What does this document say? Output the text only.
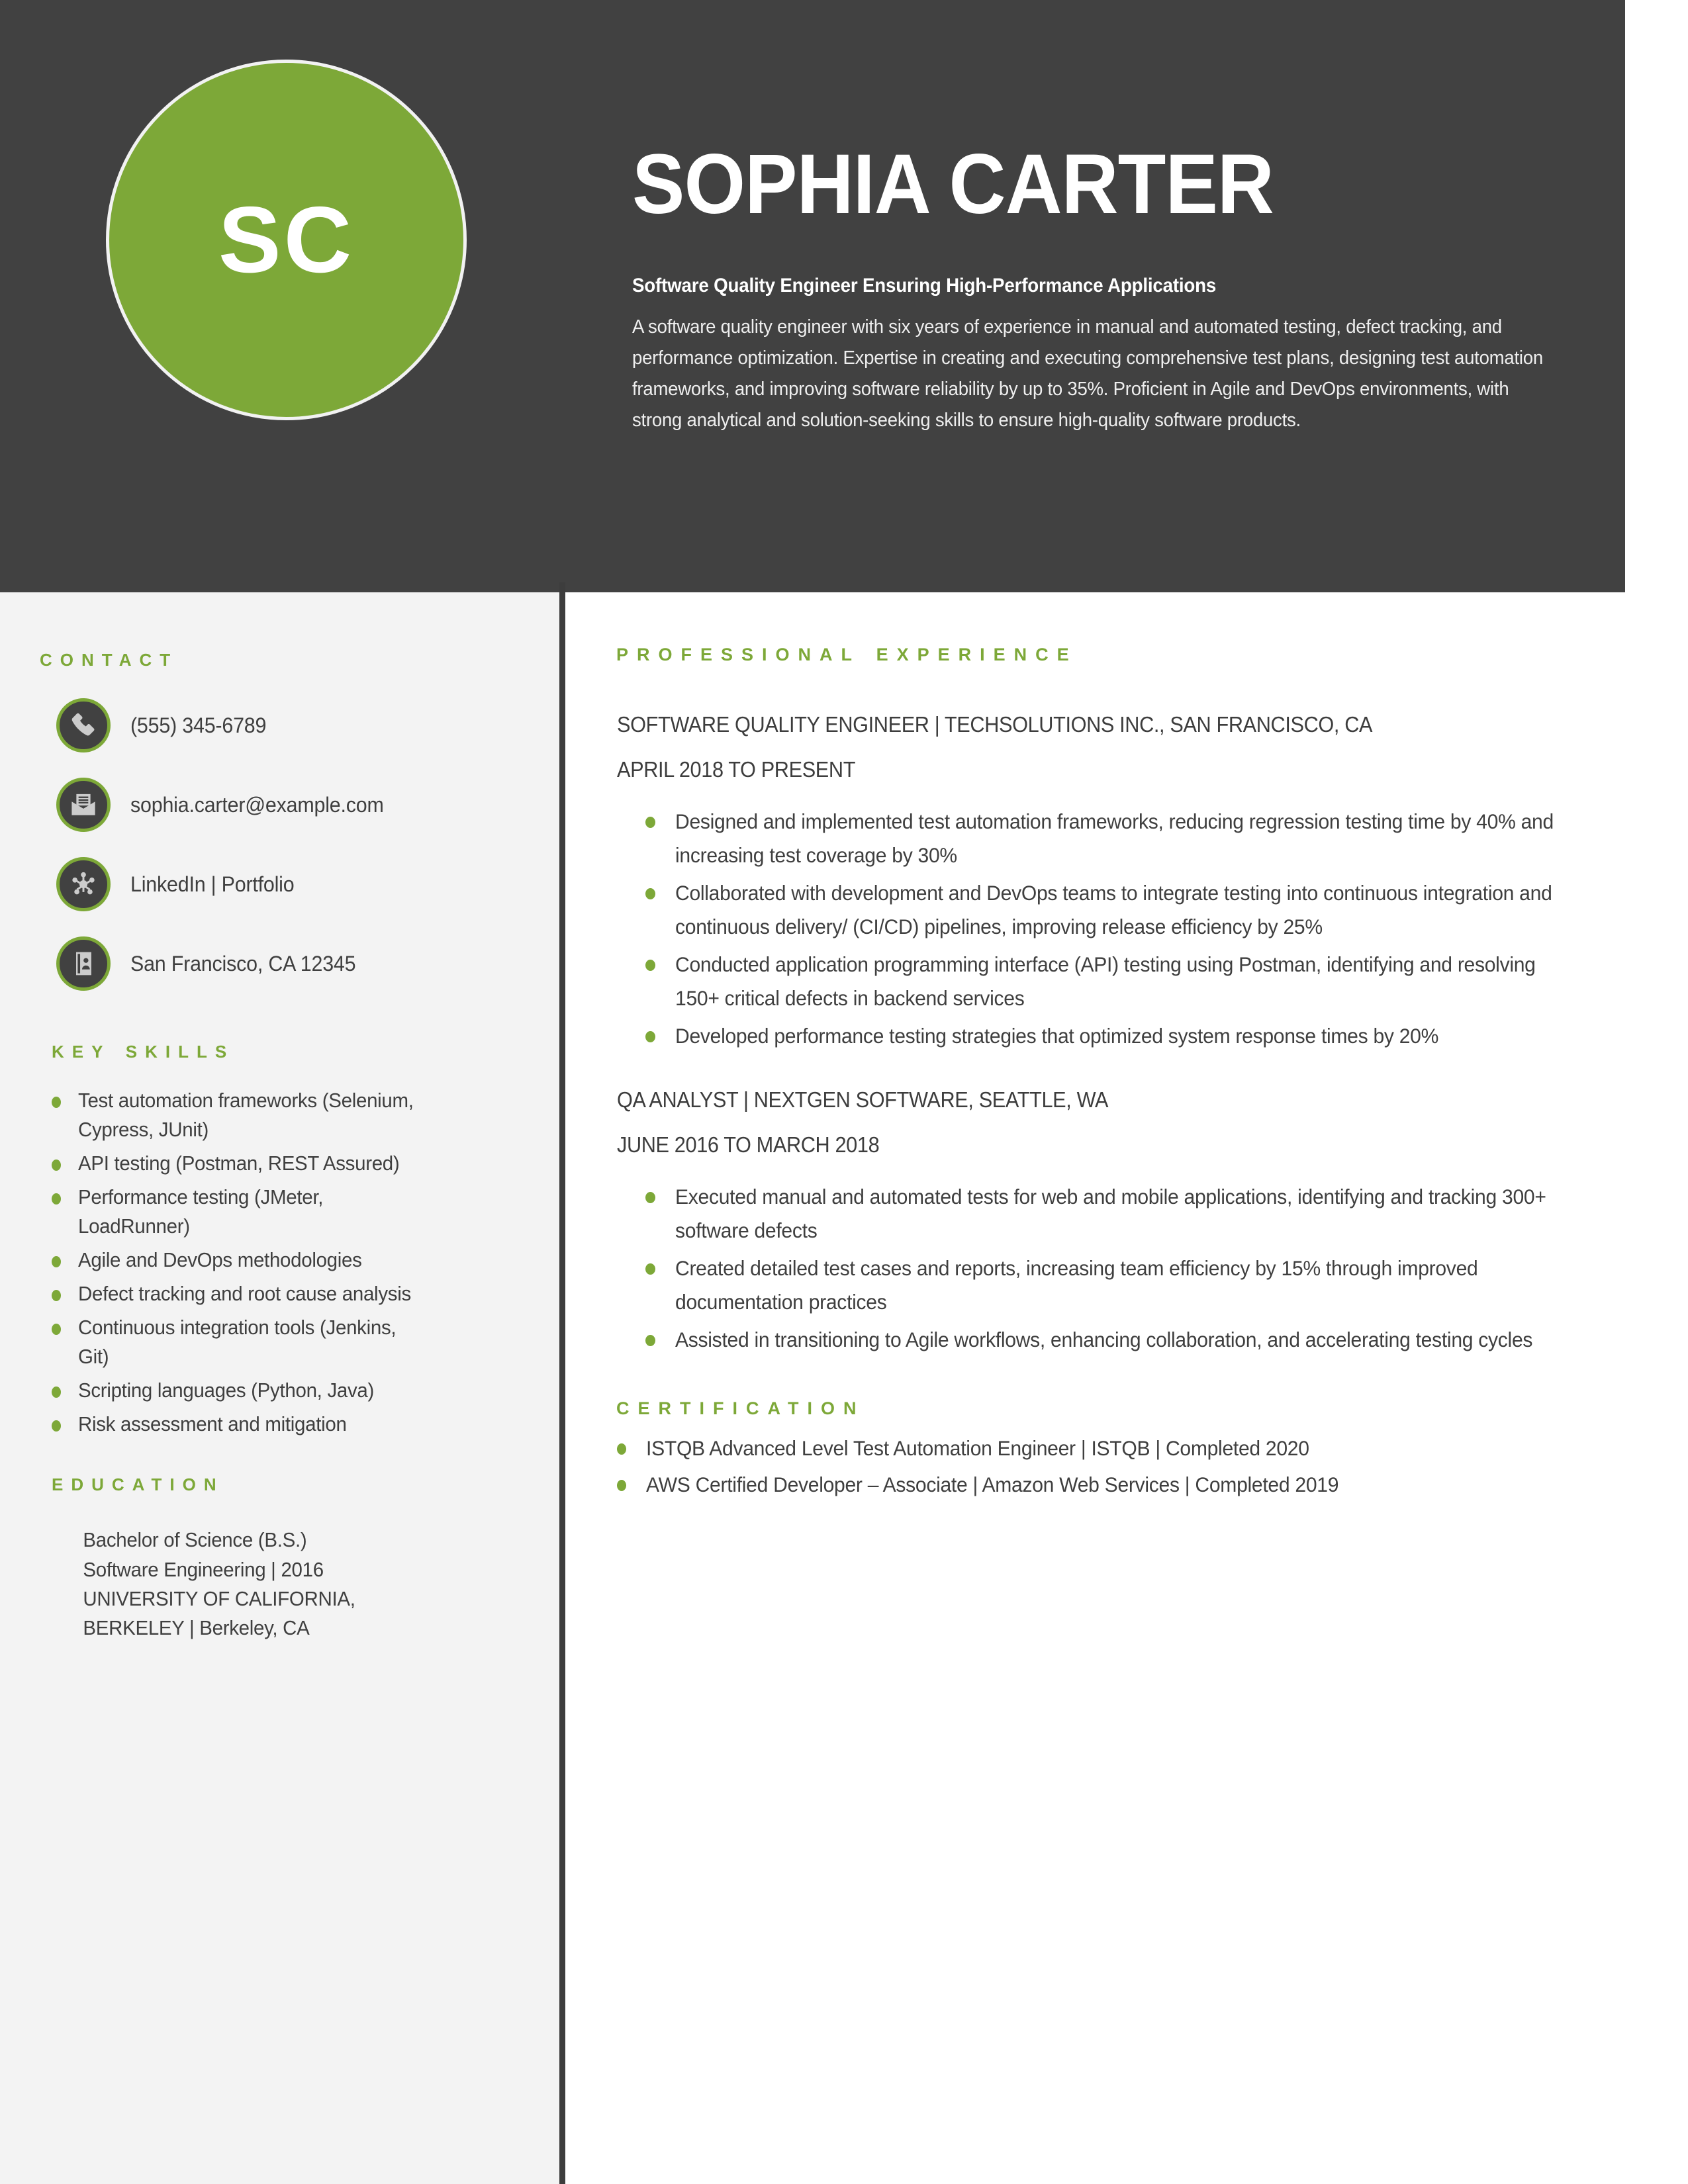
SC
SOPHIA CARTER
Software Quality Engineer Ensuring High-Performance Applications
A software quality engineer with six years of experience in manual and automated testing, defect tracking, and performance optimization. Expertise in creating and executing comprehensive test plans, designing test automation frameworks, and improving software reliability by up to 35%. Proficient in Agile and DevOps environments, with strong analytical and solution-seeking skills to ensure high-quality software products.
contact
(555) 345-6789
sophia.carter@example.com
LinkedIn | Portfolio
San Francisco, CA 12345
key skills
Test automation frameworks (Selenium, Cypress, JUnit)
API testing (Postman, REST Assured)
Performance testing (JMeter, LoadRunner)
Agile and DevOps methodologies
Defect tracking and root cause analysis
Continuous integration tools (Jenkins, Git)
Scripting languages (Python, Java)
Risk assessment and mitigation
education
Bachelor of Science (B.S.)
Software Engineering | 2016
UNIVERSITY OF CALIFORNIA,
BERKELEY | Berkeley, CA
professional experience
SOFTWARE QUALITY ENGINEER | TECHSOLUTIONS INC., SAN FRANCISCO, CA
APRIL 2018 TO PRESENT
Designed and implemented test automation frameworks, reducing regression testing time by 40% and increasing test coverage by 30%
Collaborated with development and DevOps teams to integrate testing into continuous integration and continuous delivery/ (CI/CD) pipelines, improving release efficiency by 25%
Conducted application programming interface (API) testing using Postman, identifying and resolving 150+ critical defects in backend services
Developed performance testing strategies that optimized system response times by 20%
QA ANALYST | NEXTGEN SOFTWARE, SEATTLE, WA
JUNE 2016 TO MARCH 2018
Executed manual and automated tests for web and mobile applications, identifying and tracking 300+ software defects
Created detailed test cases and reports, increasing team efficiency by 15% through improved documentation practices
Assisted in transitioning to Agile workflows, enhancing collaboration, and accelerating testing cycles
certification
ISTQB Advanced Level Test Automation Engineer | ISTQB | Completed 2020
AWS Certified Developer – Associate | Amazon Web Services | Completed 2019
